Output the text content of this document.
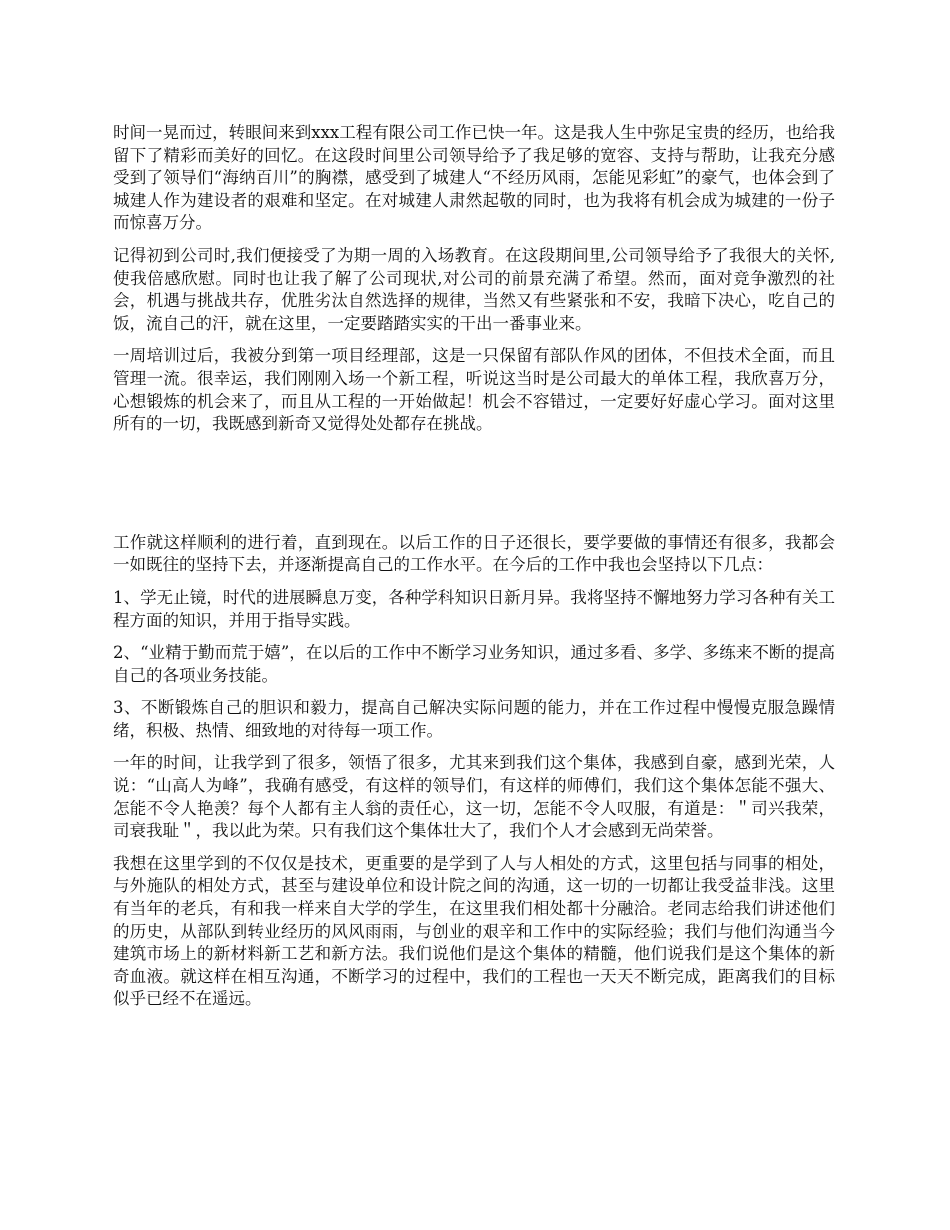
时间一晃而过，转眼间来到xxx工程有限公司工作已快一年。这是我人生中弥足宝贵的经历，也给我留下了精彩而美好的回忆。在这段时间里公司领导给予了我足够的宽容、支持与帮助，让我充分感受到了领导们“海纳百川”的胸襟，感受到了城建人“不经历风雨，怎能见彩虹”的豪气，也体会到了城建人作为建设者的艰难和坚定。在对城建人肃然起敬的同时，也为我将有机会成为城建的一份子而惊喜万分。

记得初到公司时,我们便接受了为期一周的入场教育。在这段期间里,公司领导给予了我很大的关怀,使我倍感欣慰。同时也让我了解了公司现状,对公司的前景充满了希望。然而，面对竞争激烈的社会，机遇与挑战共存，优胜劣汰自然选择的规律，当然又有些紧张和不安，我暗下决心，吃自己的饭，流自己的汗，就在这里，一定要踏踏实实的干出一番事业来。

一周培训过后，我被分到第一项目经理部，这是一只保留有部队作风的团体，不但技术全面，而且管理一流。很幸运，我们刚刚入场一个新工程，听说这当时是公司最大的单体工程，我欣喜万分，心想锻炼的机会来了，而且从工程的一开始做起！机会不容错过，一定要好好虚心学习。面对这里所有的一切，我既感到新奇又觉得处处都存在挑战。

工作就这样顺利的进行着，直到现在。以后工作的日子还很长，要学要做的事情还有很多，我都会一如既往的坚持下去，并逐渐提高自己的工作水平。在今后的工作中我也会坚持以下几点：

1、学无止镜，时代的进展瞬息万变，各种学科知识日新月异。我将坚持不懈地努力学习各种有关工程方面的知识，并用于指导实践。

2、“业精于勤而荒于嬉”，在以后的工作中不断学习业务知识，通过多看、多学、多练来不断的提高自己的各项业务技能。

3、不断锻炼自己的胆识和毅力，提高自己解决实际问题的能力，并在工作过程中慢慢克服急躁情绪，积极、热情、细致地的对待每一项工作。

一年的时间，让我学到了很多，领悟了很多，尤其来到我们这个集体，我感到自豪，感到光荣，人说：“山高人为峰”，我确有感受，有这样的领导们，有这样的师傅们，我们这个集体怎能不强大、怎能不令人艳羡？每个人都有主人翁的责任心，这一切，怎能不令人叹服，有道是：＂司兴我荣，司衰我耻＂，我以此为荣。只有我们这个集体壮大了，我们个人才会感到无尚荣誉。

我想在这里学到的不仅仅是技术，更重要的是学到了人与人相处的方式，这里包括与同事的相处，与外施队的相处方式，甚至与建设单位和设计院之间的沟通，这一切的一切都让我受益非浅。这里有当年的老兵，有和我一样来自大学的学生，在这里我们相处都十分融洽。老同志给我们讲述他们的历史，从部队到转业经历的风风雨雨，与创业的艰辛和工作中的实际经验；我们与他们沟通当今建筑市场上的新材料新工艺和新方法。我们说他们是这个集体的精髓，他们说我们是这个集体的新奇血液。就这样在相互沟通，不断学习的过程中，我们的工程也一天天不断完成，距离我们的目标似乎已经不在遥远。
